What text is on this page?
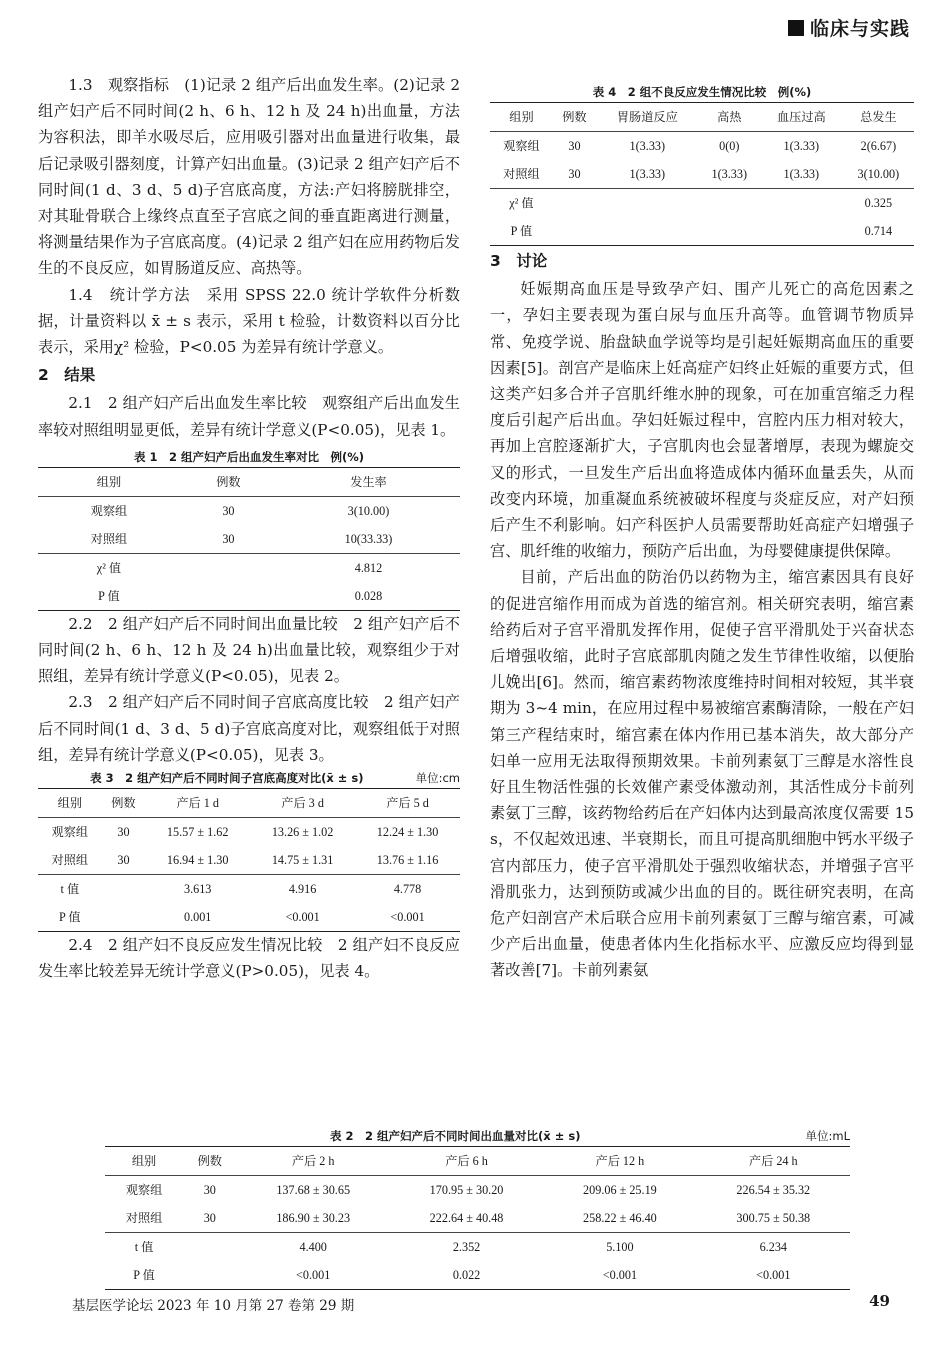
临床与实践

1.3　观察指标　(1)记录 2 组产后出血发生率。(2)记录 2 组产妇产后不同时间(2 h、6 h、12 h 及 24 h)出血量，方法为容积法，即羊水吸尽后，应用吸引器对出血量进行收集，最后记录吸引器刻度，计算产妇出血量。(3)记录 2 组产妇产后不同时间(1 d、3 d、5 d)子宫底高度，方法:产妇将膀胱排空，对其耻骨联合上缘终点直至子宫底之间的垂直距离进行测量，将测量结果作为子宫底高度。(4)记录 2 组产妇在应用药物后发生的不良反应，如胃肠道反应、高热等。

1.4　统计学方法　采用 SPSS 22.0 统计学软件分析数据，计量资料以 x̄ ± s 表示，采用 t 检验，计数资料以百分比表示，采用χ² 检验，P<0.05 为差异有统计学意义。

2　结果

2.1　2 组产妇产后出血发生率比较　观察组产后出血发生率较对照组明显更低，差异有统计学意义(P<0.05)，见表 1。

表 1　2 组产妇产后出血发生率对比　例(%)
组别	例数	发生率
观察组	30	3(10.00)
对照组	30	10(33.33)
χ² 值		4.812
P 值		0.028

2.2　2 组产妇产后不同时间出血量比较　2 组产妇产后不同时间(2 h、6 h、12 h 及 24 h)出血量比较，观察组少于对照组，差异有统计学意义(P<0.05)，见表 2。

2.3　2 组产妇产后不同时间子宫底高度比较　2 组产妇产后不同时间(1 d、3 d、5 d)子宫底高度对比，观察组低于对照组，差异有统计学意义(P<0.05)，见表 3。

表 3　2 组产妇产后不同时间子宫底高度对比(x̄ ± s)	单位:cm
组别	例数	产后 1 d	产后 3 d	产后 5 d
观察组	30	15.57 ± 1.62	13.26 ± 1.02	12.24 ± 1.30
对照组	30	16.94 ± 1.30	14.75 ± 1.31	13.76 ± 1.16
t 值		3.613	4.916	4.778
P 值		0.001	<0.001	<0.001

2.4　2 组产妇不良反应发生情况比较　2 组产妇不良反应发生率比较差异无统计学意义(P>0.05)，见表 4。

表 4　2 组不良反应发生情况比较　例(%)
组别	例数	胃肠道反应	高热	血压过高	总发生
观察组	30	1(3.33)	0(0)	1(3.33)	2(6.67)
对照组	30	1(3.33)	1(3.33)	1(3.33)	3(10.00)
χ² 值					0.325
P 值					0.714

3　讨论

妊娠期高血压是导致孕产妇、围产儿死亡的高危因素之一，孕妇主要表现为蛋白尿与血压升高等。血管调节物质异常、免疫学说、胎盘缺血学说等均是引起妊娠期高血压的重要因素[5]。剖宫产是临床上妊高症产妇终止妊娠的重要方式，但这类产妇多合并子宫肌纤维水肿的现象，可在加重宫缩乏力程度后引起产后出血。孕妇妊娠过程中，宫腔内压力相对较大，再加上宫腔逐渐扩大，子宫肌肉也会显著增厚，表现为螺旋交叉的形式，一旦发生产后出血将造成体内循环血量丢失，从而改变内环境，加重凝血系统被破坏程度与炎症反应，对产妇预后产生不利影响。妇产科医护人员需要帮助妊高症产妇增强子宫、肌纤维的收缩力，预防产后出血，为母婴健康提供保障。

目前，产后出血的防治仍以药物为主，缩宫素因具有良好的促进宫缩作用而成为首选的缩宫剂。相关研究表明，缩宫素给药后对子宫平滑肌发挥作用，促使子宫平滑肌处于兴奋状态后增强收缩，此时子宫底部肌肉随之发生节律性收缩，以便胎儿娩出[6]。然而，缩宫素药物浓度维持时间相对较短，其半衰期为 3~4 min，在应用过程中易被缩宫素酶清除，一般在产妇第三产程结束时，缩宫素在体内作用已基本消失，故大部分产妇单一应用无法取得预期效果。卡前列素氨丁三醇是水溶性良好且生物活性强的长效催产素受体激动剂，其活性成分卡前列素氨丁三醇，该药物给药后在产妇体内达到最高浓度仅需要 15 s，不仅起效迅速、半衰期长，而且可提高肌细胞中钙水平级子宫内部压力，使子宫平滑肌处于强烈收缩状态，并增强子宫平滑肌张力，达到预防或减少出血的目的。既往研究表明，在高危产妇剖宫产术后联合应用卡前列素氨丁三醇与缩宫素，可减少产后出血量，使患者体内生化指标水平、应激反应均得到显著改善[7]。卡前列素氨

表 2　2 组产妇产后不同时间出血量对比(x̄ ± s)	单位:mL
组别	例数	产后 2 h	产后 6 h	产后 12 h	产后 24 h
观察组	30	137.68 ± 30.65	170.95 ± 30.20	209.06 ± 25.19	226.54 ± 35.32
对照组	30	186.90 ± 30.23	222.64 ± 40.48	258.22 ± 46.40	300.75 ± 50.38
t 值		4.400	2.352	5.100	6.234
P 值		<0.001	0.022	<0.001	<0.001
基层医学论坛 2023 年 10 月第 27 卷第 29 期	49
